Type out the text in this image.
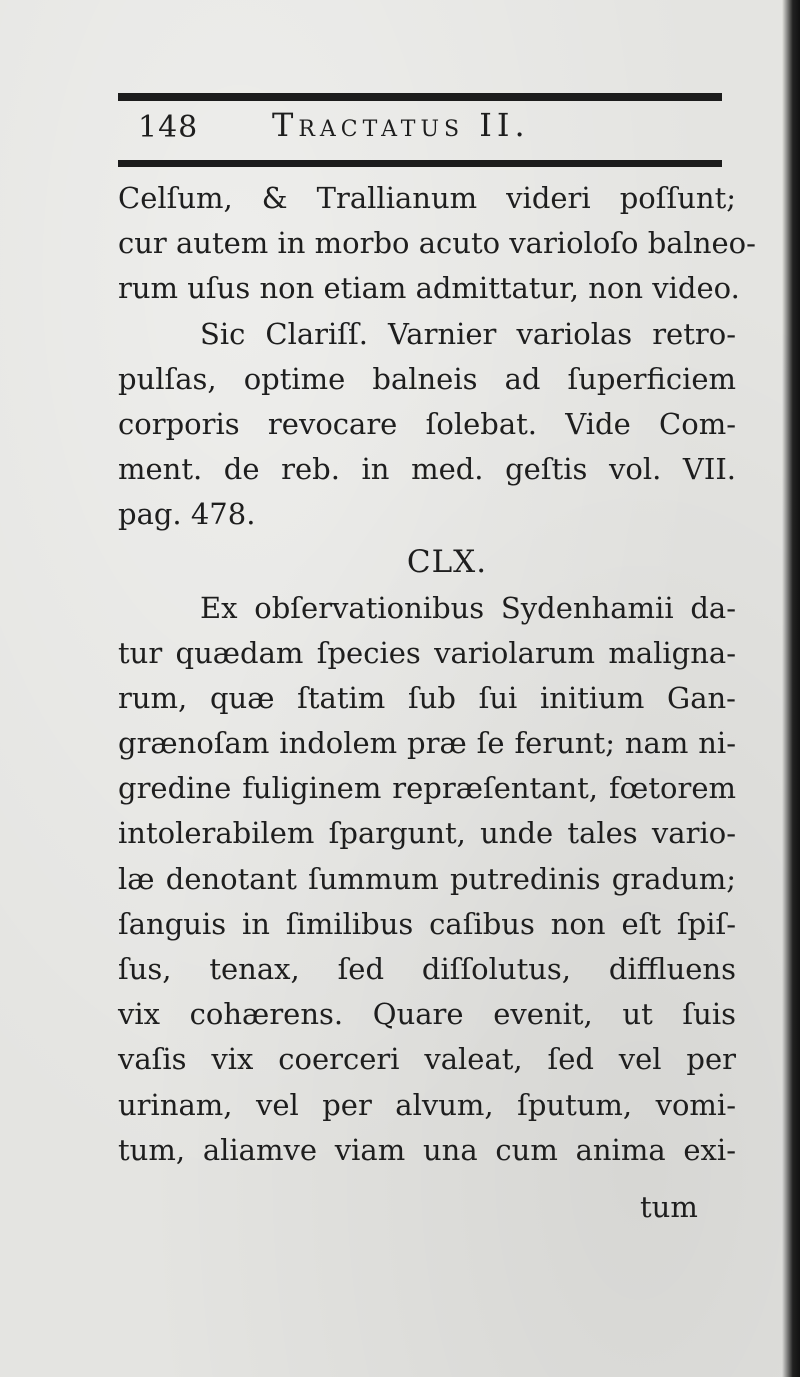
148 Tractatus II.
Celſum, & Trallianum videri poſſunt;
cur autem in morbo acuto varioloſo balneo-
rum uſus non etiam admittatur, non video.
Sic Clariſſ. Varnier variolas retro-
pulſas, optime balneis ad ſuperficiem
corporis revocare ſolebat. Vide Com-
ment. de reb. in med. geſtis vol. VII.
pag. 478.
CLX.
Ex obſervationibus Sydenhamii da-
tur quædam ſpecies variolarum maligna-
rum, quæ ſtatim ſub ſui initium Gan-
grænoſam indolem præ ſe ferunt; nam ni-
gredine fuliginem repræſentant, fœtorem
intolerabilem ſpargunt, unde tales vario-
læ denotant ſummum putredinis gradum;
ſanguis in ſimilibus caſibus non eſt ſpiſ-
ſus, tenax, ſed diſſolutus, diffluens
vix cohærens. Quare evenit, ut ſuis
vaſis vix coerceri valeat, ſed vel per
urinam, vel per alvum, ſputum, vomi-
tum, aliamve viam una cum anima exi-
tum
